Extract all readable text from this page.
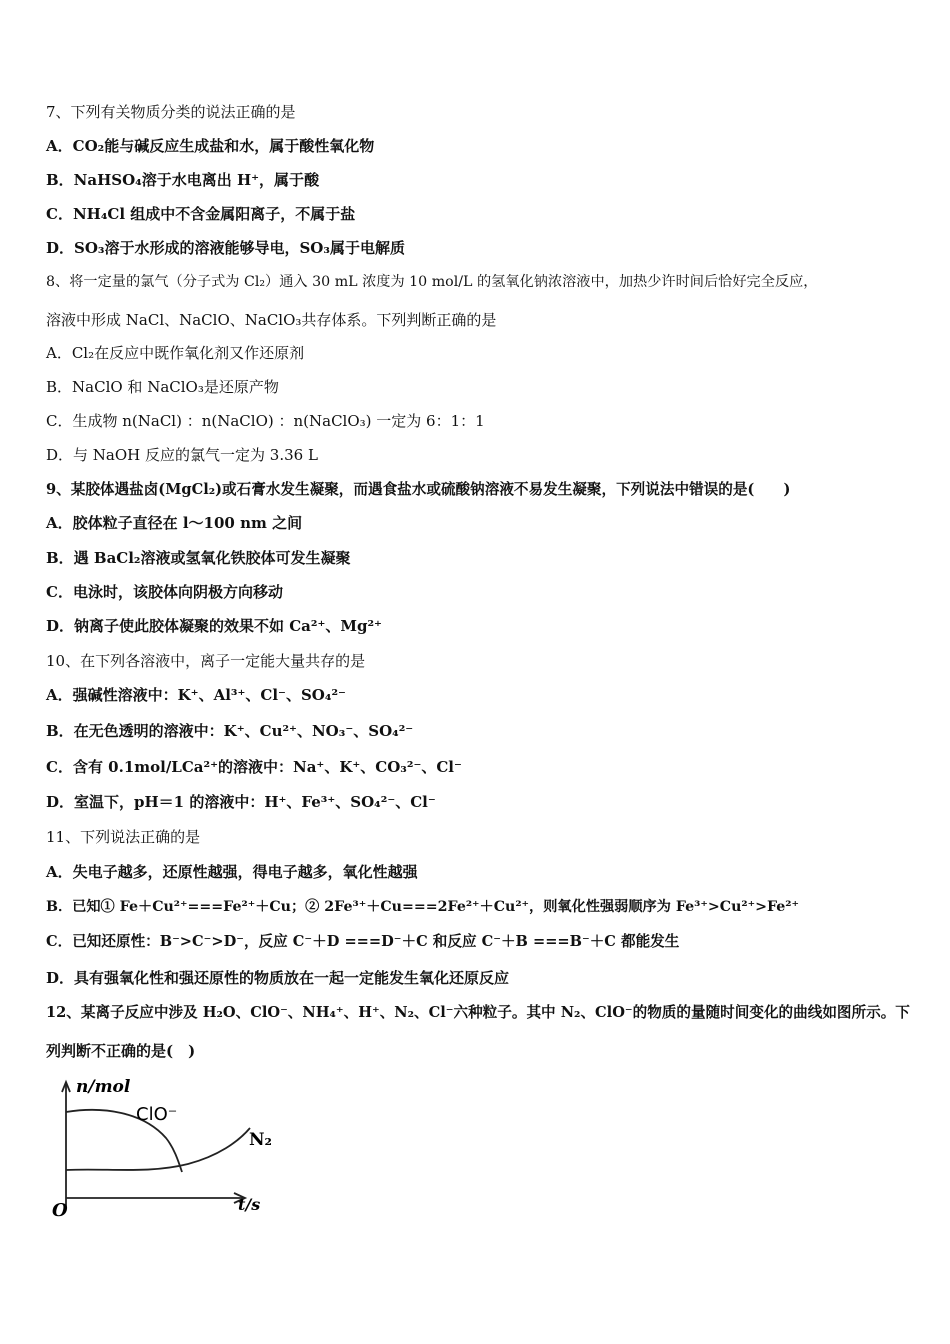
7、下列有关物质分类的说法正确的是
A．CO₂能与碱反应生成盐和水，属于酸性氧化物
B．NaHSO₄溶于水电离出 H⁺，属于酸
C．NH₄Cl 组成中不含金属阳离子，不属于盐
D．SO₃溶于水形成的溶液能够导电，SO₃属于电解质
8、将一定量的氯气（分子式为 Cl₂）通入 30 mL 浓度为 10 mol/L 的氢氧化钠浓溶液中，加热少许时间后恰好完全反应，
溶液中形成 NaCl、NaClO、NaClO₃共存体系。下列判断正确的是
A．Cl₂在反应中既作氧化剂又作还原剂
B．NaClO 和 NaClO₃是还原产物
C．生成物 n(NaCl) ：n(NaClO) ：n(NaClO₃) 一定为 6：1：1
D．与 NaOH 反应的氯气一定为 3.36 L
9、某胶体遇盐卤(MgCl₂)或石膏水发生凝聚，而遇食盐水或硫酸钠溶液不易发生凝聚，下列说法中错误的是(　　)
A．胶体粒子直径在 l～100 nm 之间
B．遇 BaCl₂溶液或氢氧化铁胶体可发生凝聚
C．电泳时，该胶体向阴极方向移动
D．钠离子使此胶体凝聚的效果不如 Ca²⁺、Mg²⁺
10、在下列各溶液中，离子一定能大量共存的是
A．强碱性溶液中：K⁺、Al³⁺、Cl⁻、SO₄²⁻
B．在无色透明的溶液中：K⁺、Cu²⁺、NO₃⁻、SO₄²⁻
C．含有 0.1mol/LCa²⁺的溶液中：Na⁺、K⁺、CO₃²⁻、Cl⁻
D．室温下，pH＝1 的溶液中：H⁺、Fe³⁺、SO₄²⁻、Cl⁻
11、下列说法正确的是
A．失电子越多，还原性越强，得电子越多，氧化性越强
B．已知① Fe＋Cu²⁺===Fe²⁺＋Cu；② 2Fe³⁺＋Cu===2Fe²⁺＋Cu²⁺，则氧化性强弱顺序为 Fe³⁺>Cu²⁺>Fe²⁺
C．已知还原性：B⁻>C⁻>D⁻，反应 C⁻＋D ===D⁻＋C 和反应 C⁻＋B ===B⁻＋C 都能发生
D．具有强氧化性和强还原性的物质放在一起一定能发生氧化还原反应
12、某离子反应中涉及 H₂O、ClO⁻、NH₄⁺、H⁺、N₂、Cl⁻六种粒子。其中 N₂、ClO⁻的物质的量随时间变化的曲线如图所示。下
列判断不正确的是(　)
n/mol
ClO⁻
N₂
O	t/s
